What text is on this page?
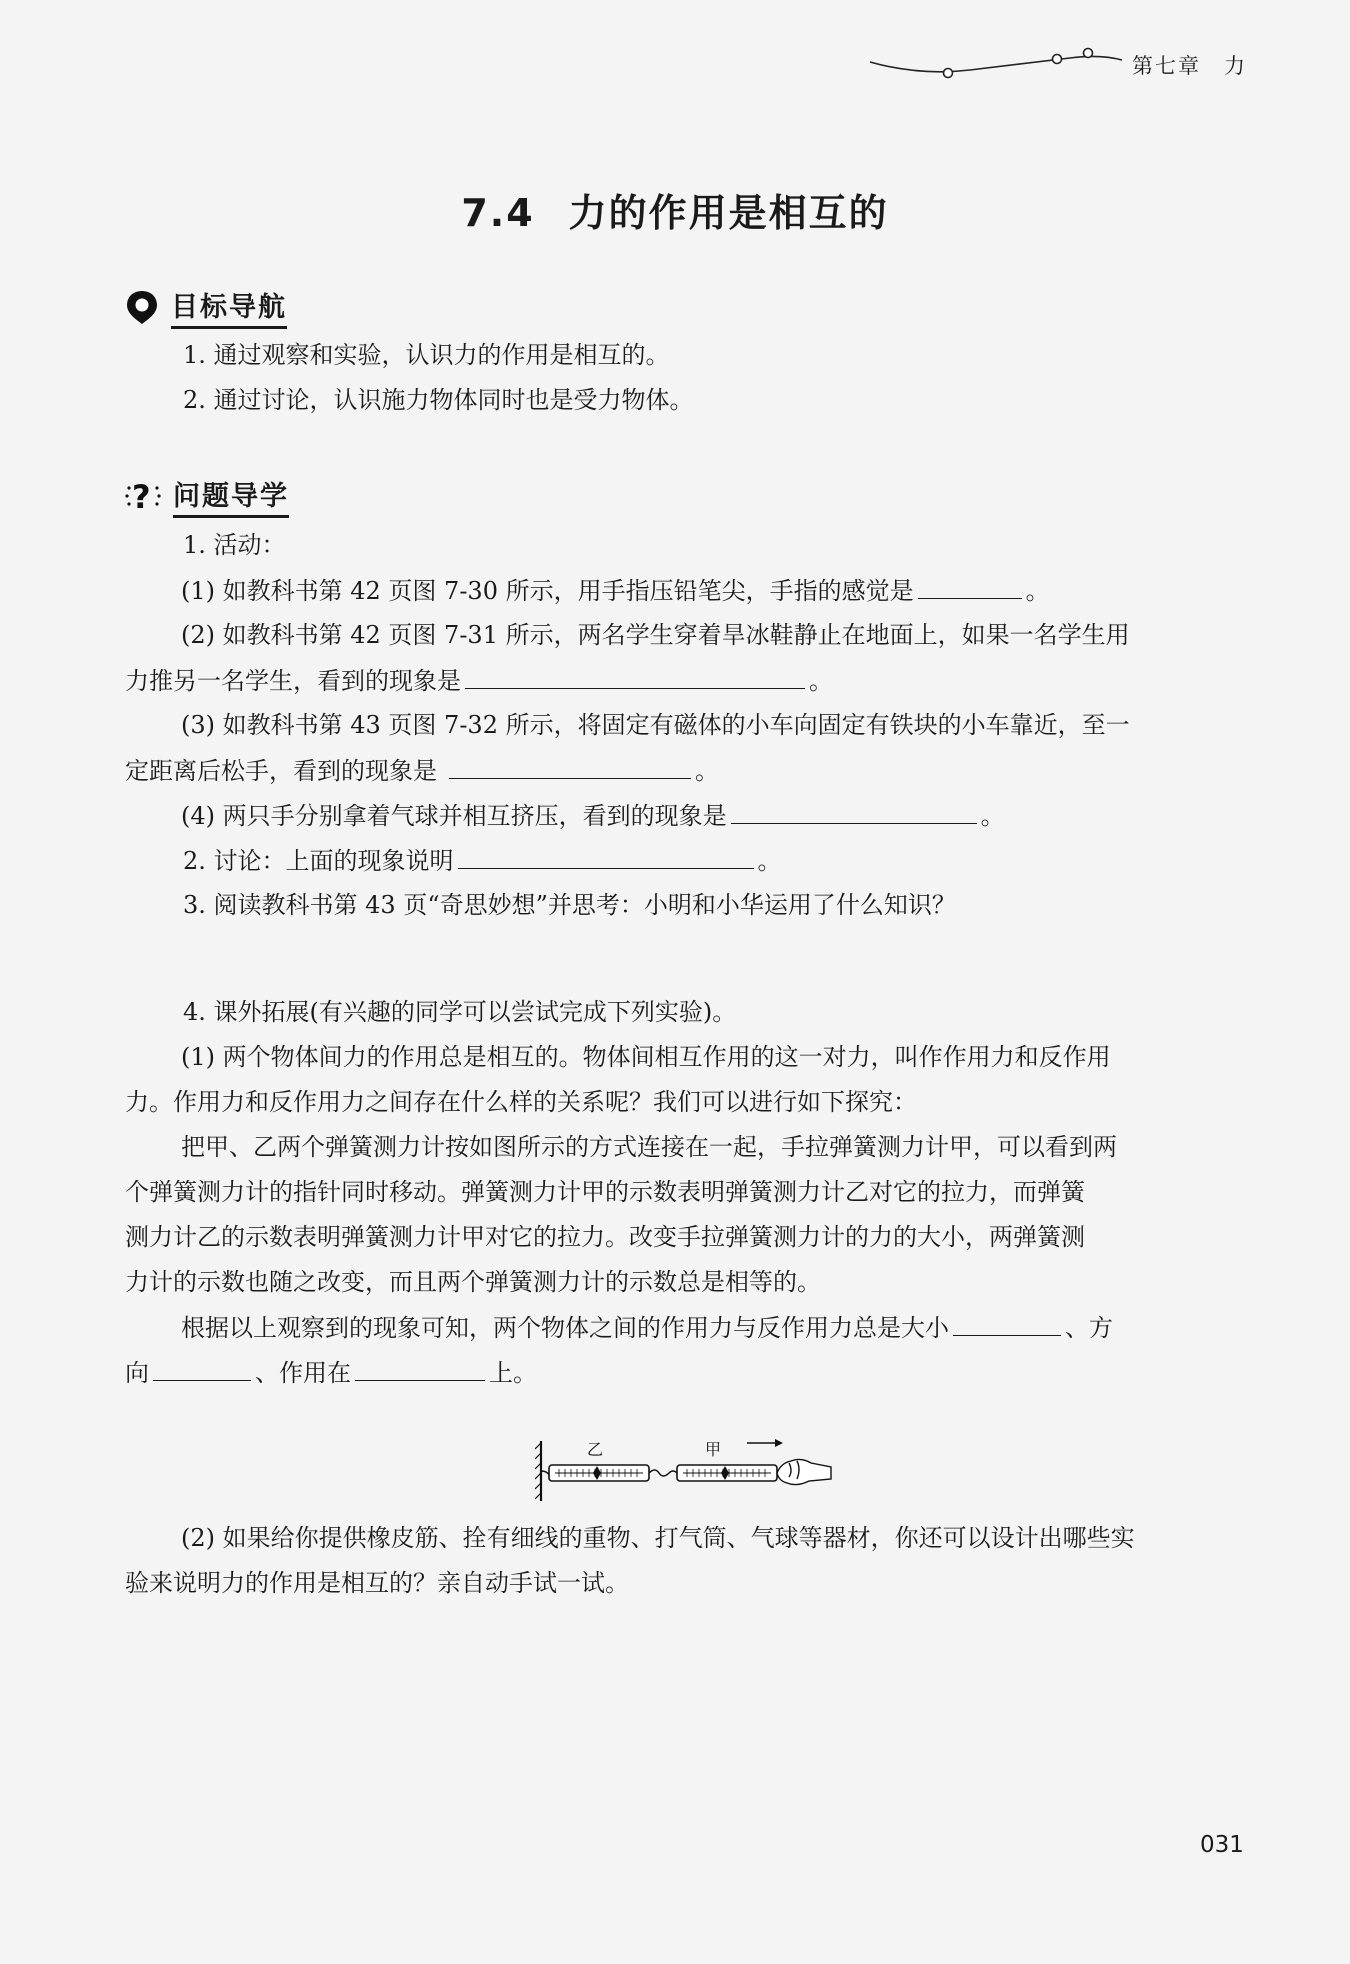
第七章　力
7.4 力的作用是相互的
目标导航
1. 通过观察和实验，认识力的作用是相互的。
2. 通过讨论，认识施力物体同时也是受力物体。
? 问题导学
1. 活动：
(1) 如教科书第 42 页图 7-30 所示，用手指压铅笔尖，手指的感觉是	。
(2) 如教科书第 42 页图 7-31 所示，两名学生穿着旱冰鞋静止在地面上，如果一名学生用
力推另一名学生，看到的现象是	。
(3) 如教科书第 43 页图 7-32 所示，将固定有磁体的小车向固定有铁块的小车靠近，至一
定距离后松手，看到的现象是	。
(4) 两只手分别拿着气球并相互挤压，看到的现象是	。
2. 讨论：上面的现象说明	。
3. 阅读教科书第 43 页“奇思妙想”并思考：小明和小华运用了什么知识？
4. 课外拓展(有兴趣的同学可以尝试完成下列实验)。
(1) 两个物体间力的作用总是相互的。物体间相互作用的这一对力，叫作作用力和反作用
力。作用力和反作用力之间存在什么样的关系呢？我们可以进行如下探究：
把甲、乙两个弹簧测力计按如图所示的方式连接在一起，手拉弹簧测力计甲，可以看到两
个弹簧测力计的指针同时移动。弹簧测力计甲的示数表明弹簧测力计乙对它的拉力，而弹簧
测力计乙的示数表明弹簧测力计甲对它的拉力。改变手拉弹簧测力计的力的大小，两弹簧测
力计的示数也随之改变，而且两个弹簧测力计的示数总是相等的。
根据以上观察到的现象可知，两个物体之间的作用力与反作用力总是大小	、方
向	、作用在	上。
乙	甲
(2) 如果给你提供橡皮筋、拴有细线的重物、打气筒、气球等器材，你还可以设计出哪些实
验来说明力的作用是相互的？亲自动手试一试。
031
